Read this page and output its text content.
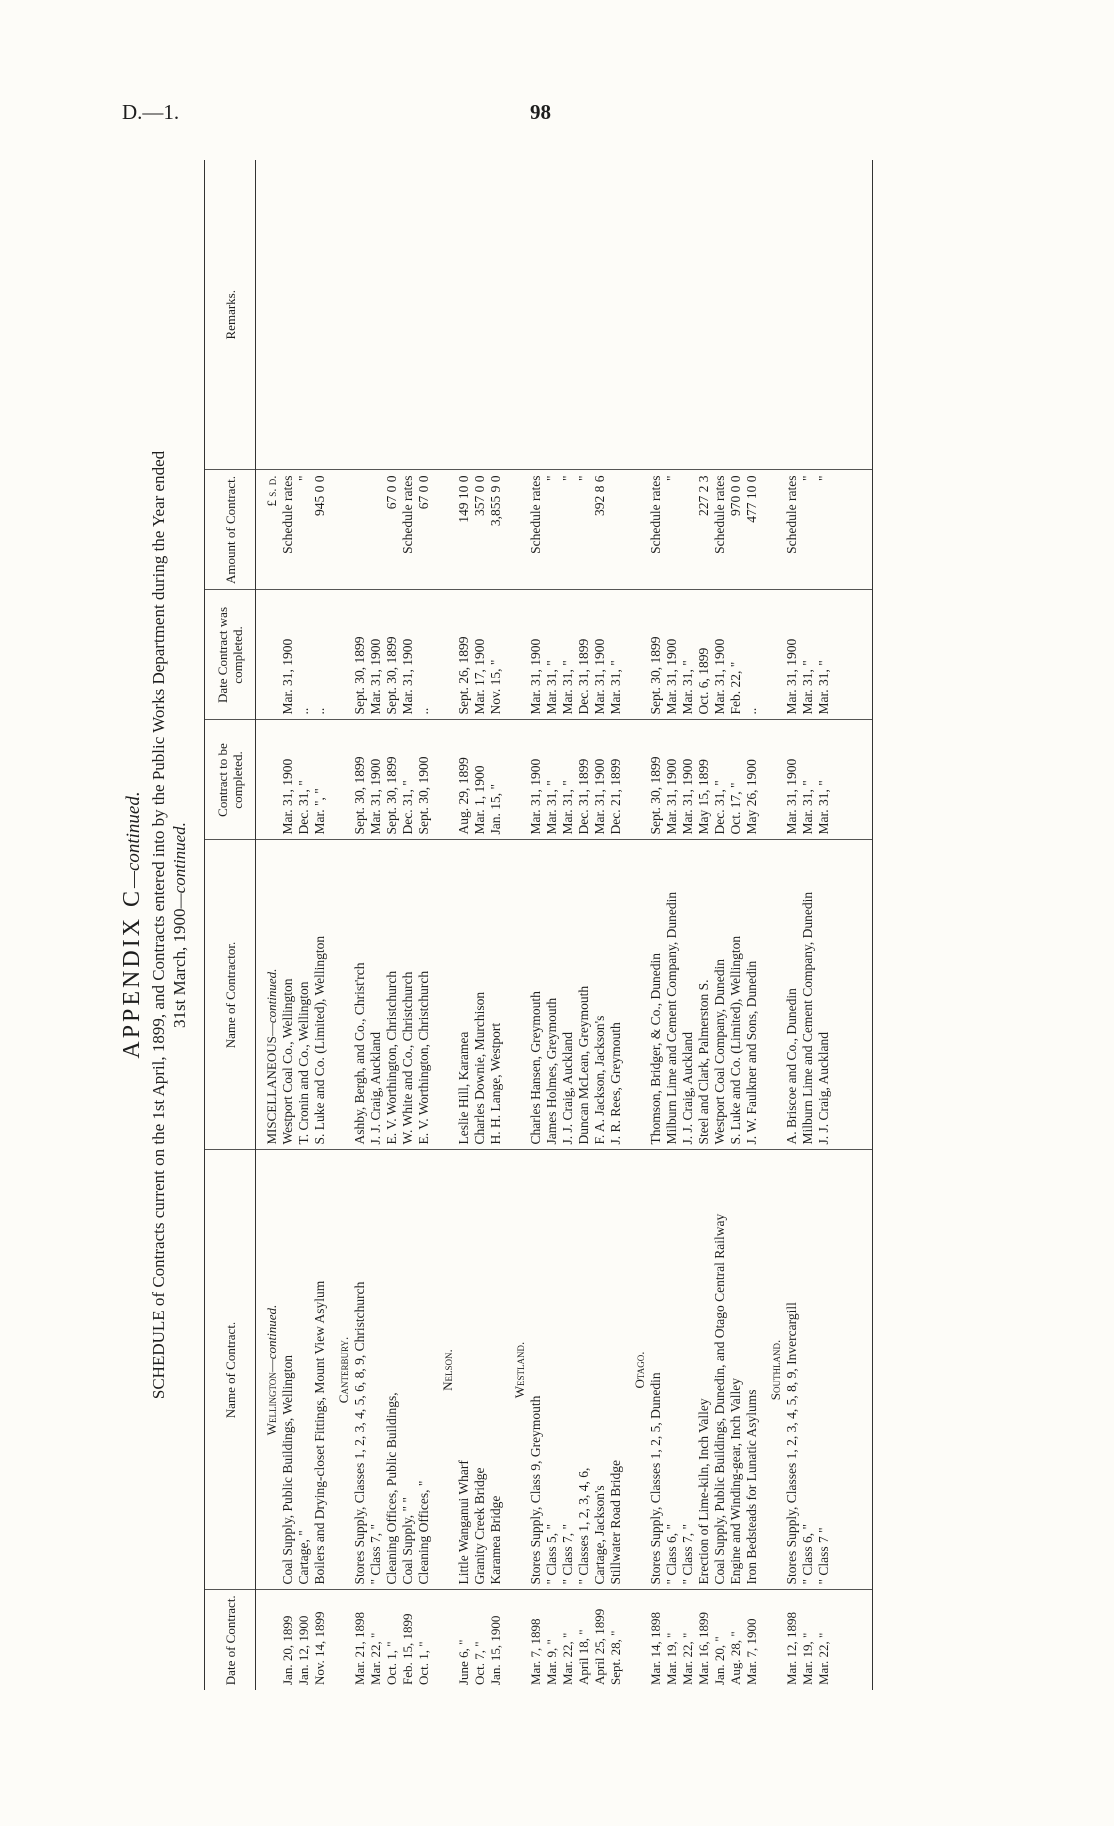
D.—1.	98
APPENDIX C—continued. SCHEDULE of Contracts current on the 1st April, 1899, and Contracts entered into by the Public Works Department during the Year ended 31st March, 1900—continued.
Date of Contract.	Name of Contract.	Name of Contractor.	Contract to be completed.	Date Contract was completed.	Amount of Contract.	Remarks.
	Wellington—continued.	MISCELLANEOUS—continued.			£ s. d.	
Jan. 20, 1899	Coal Supply, Public Buildings, Wellington	Westport Coal Co., Wellington	Mar. 31, 1900	Mar. 31, 1900	Schedule rates	
Jan. 12, 1900	Cartage, "	T. Cronin and Co., Wellington	Dec. 31, "	..	"	
Nov. 14, 1899	Boilers and Drying-closet Fittings, Mount View Asylum	S. Luke and Co. (Limited), Wellington	Mar. ", "	..	945 0 0	
	Canterbury.					
Mar. 21, 1898	Stores Supply, Classes 1, 2, 3, 4, 5, 6, 8, 9, Christchurch	Ashby, Bergh, and Co., Christ'rch	Sept. 30, 1899	Sept. 30, 1899		
Mar. 22, "	" Class 7, "	J. J. Craig, Auckland	Mar. 31, 1900	Mar. 31, 1900		
Oct. 1, "	Cleaning Offices, Public Buildings,	E. V. Worthington, Christchurch	Sept. 30, 1899	Sept. 30, 1899	67 0 0	
Feb. 15, 1899	Coal Supply, " "	W. White and Co., Christchurch	Dec. 31, "	Mar. 31, 1900	Schedule rates	
Oct. 1, "	Cleaning Offices, "	E. V. Worthington, Christchurch	Sept. 30, 1900	..	67 0 0	
	Nelson.					
June 6, "	Little Wanganui Wharf	Leslie Hill, Karamea	Aug. 29, 1899	Sept. 26, 1899	149 10 0	
Oct. 7, "	Granity Creek Bridge	Charles Downie, Murchison	Mar. 1, 1900	Mar. 17, 1900	357 0 0	
Jan. 15, 1900	Karamea Bridge	H. H. Lange, Westport	Jan. 15, "	Nov. 15, "	3,855 9 0	
	Westland.					
Mar. 7, 1898	Stores Supply, Class 9, Greymouth	Charles Hansen, Greymouth	Mar. 31, 1900	Mar. 31, 1900	Schedule rates	
Mar. 9, "	" Class 5, "	James Holmes, Greymouth	Mar. 31, "	Mar. 31, "	"	
Mar. 22, "	" Class 7, "	J. J. Craig, Auckland	Mar. 31, "	Mar. 31, "	"	
April 18, "	" Classes 1, 2, 3, 4, 6,	Duncan McLean, Greymouth	Dec. 31, 1899	Dec. 31, 1899	"	
April 25, 1899	Cartage, Jackson's	F. A. Jackson, Jackson's	Mar. 31, 1900	Mar. 31, 1900	392 8 6	
Sept. 28, "	Stillwater Road Bridge	J. R. Rees, Greymouth	Dec. 21, 1899	Mar. 31, "		
	Otago.					
Mar. 14, 1898	Stores Supply, Classes 1, 2, 5, Dunedin	Thomson, Bridger, & Co., Dunedin	Sept. 30, 1899	Sept. 30, 1899	Schedule rates	
Mar. 19, "	" Class 6, "	Milburn Lime and Cement Company, Dunedin	Mar. 31, 1900	Mar. 31, 1900	"	
Mar. 22, "	" Class 7, "	J. J. Craig, Auckland	Mar. 31, 1900	Mar. 31, "		
Mar. 16, 1899	Erection of Lime-kiln, Inch Valley	Steel and Clark, Palmerston S.	May 15, 1899	Oct. 6, 1899	227 2 3	
Jan. 20, "	Coal Supply, Public Buildings, Dunedin, and Otago Central Railway	Westport Coal Company, Dunedin	Dec. 31, "	Mar. 31, 1900	Schedule rates	
Aug. 28, "	Engine and Winding-gear, Inch Valley	S. Luke and Co. (Limited), Wellington	Oct. 17, "	Feb. 22, "	970 0 0	
Mar. 7, 1900	Iron Bedsteads for Lunatic Asylums	J. W. Faulkner and Sons, Dunedin	May 26, 1900	..	477 10 0	
	Southland.					
Mar. 12, 1898	Stores Supply, Classes 1, 2, 3, 4, 5, 8, 9, Invercargill	A. Briscoe and Co., Dunedin	Mar. 31, 1900	Mar. 31, 1900	Schedule rates	
Mar. 19, "	" Class 6, "	Milburn Lime and Cement Company, Dunedin	Mar. 31, "	Mar. 31, "	"	
Mar. 22, "	" Class 7 "	J. J. Craig, Auckland	Mar. 31, "	Mar. 31, "	"	
